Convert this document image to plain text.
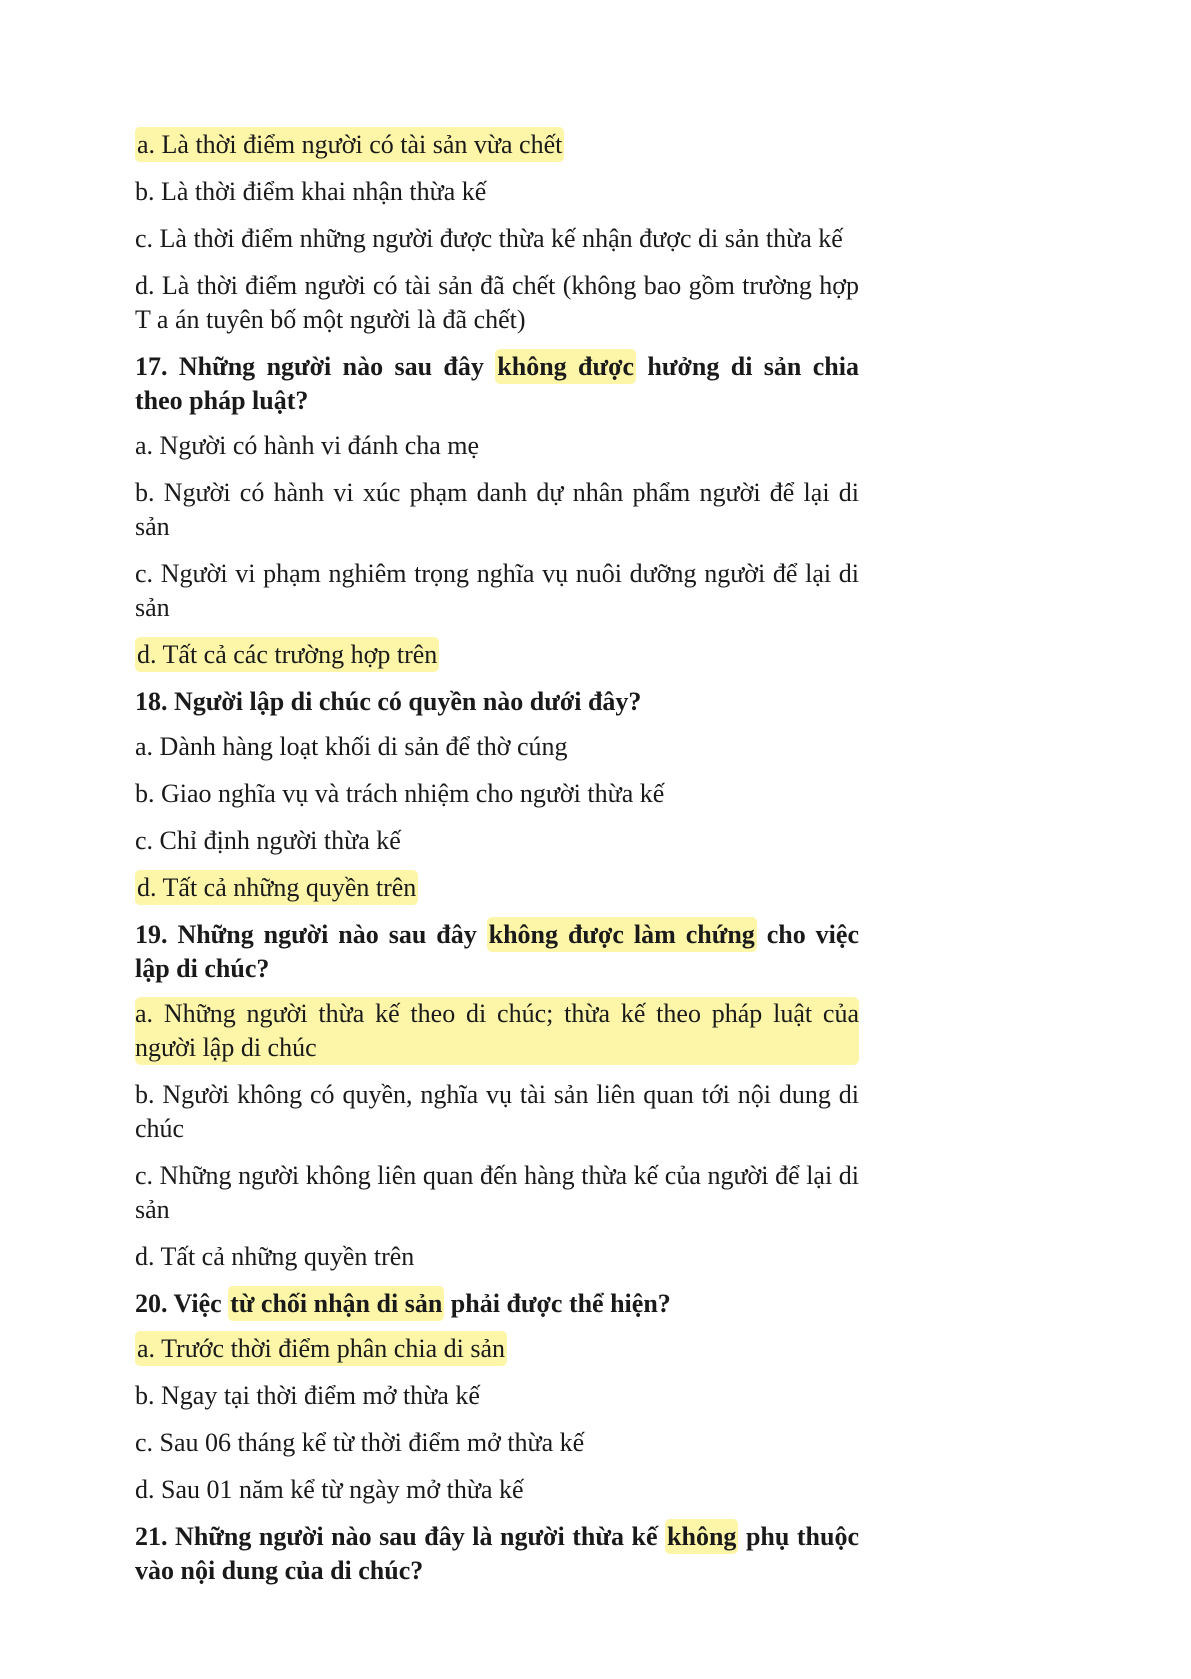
a. Là thời điểm người có tài sản vừa chết
b. Là thời điểm khai nhận thừa kế
c. Là thời điểm những người được thừa kế nhận được di sản thừa kế
d. Là thời điểm người có tài sản đã chết (không bao gồm trường hợp T a án tuyên bố một người là đã chết)
17. Những người nào sau đây không được hưởng di sản chia theo pháp luật?
a. Người có hành vi đánh cha mẹ
b. Người có hành vi xúc phạm danh dự nhân phẩm người để lại di sản
c. Người vi phạm nghiêm trọng nghĩa vụ nuôi dưỡng người để lại di sản
d. Tất cả các trường hợp trên
18. Người lập di chúc có quyền nào dưới đây?
a. Dành hàng loạt khối di sản để thờ cúng
b. Giao nghĩa vụ và trách nhiệm cho người thừa kế
c. Chỉ định người thừa kế
d. Tất cả những quyền trên
19. Những người nào sau đây không được làm chứng cho việc lập di chúc?
a. Những người thừa kế theo di chúc; thừa kế theo pháp luật của người lập di chúc
b. Người không có quyền, nghĩa vụ tài sản liên quan tới nội dung di chúc
c. Những người không liên quan đến hàng thừa kế của người để lại di sản
d. Tất cả những quyền trên
20. Việc từ chối nhận di sản phải được thể hiện?
a. Trước thời điểm phân chia di sản
b. Ngay tại thời điểm mở thừa kế
c. Sau 06 tháng kể từ thời điểm mở thừa kế
d. Sau 01 năm kể từ ngày mở thừa kế
21. Những người nào sau đây là người thừa kế không phụ thuộc vào nội dung của di chúc?
